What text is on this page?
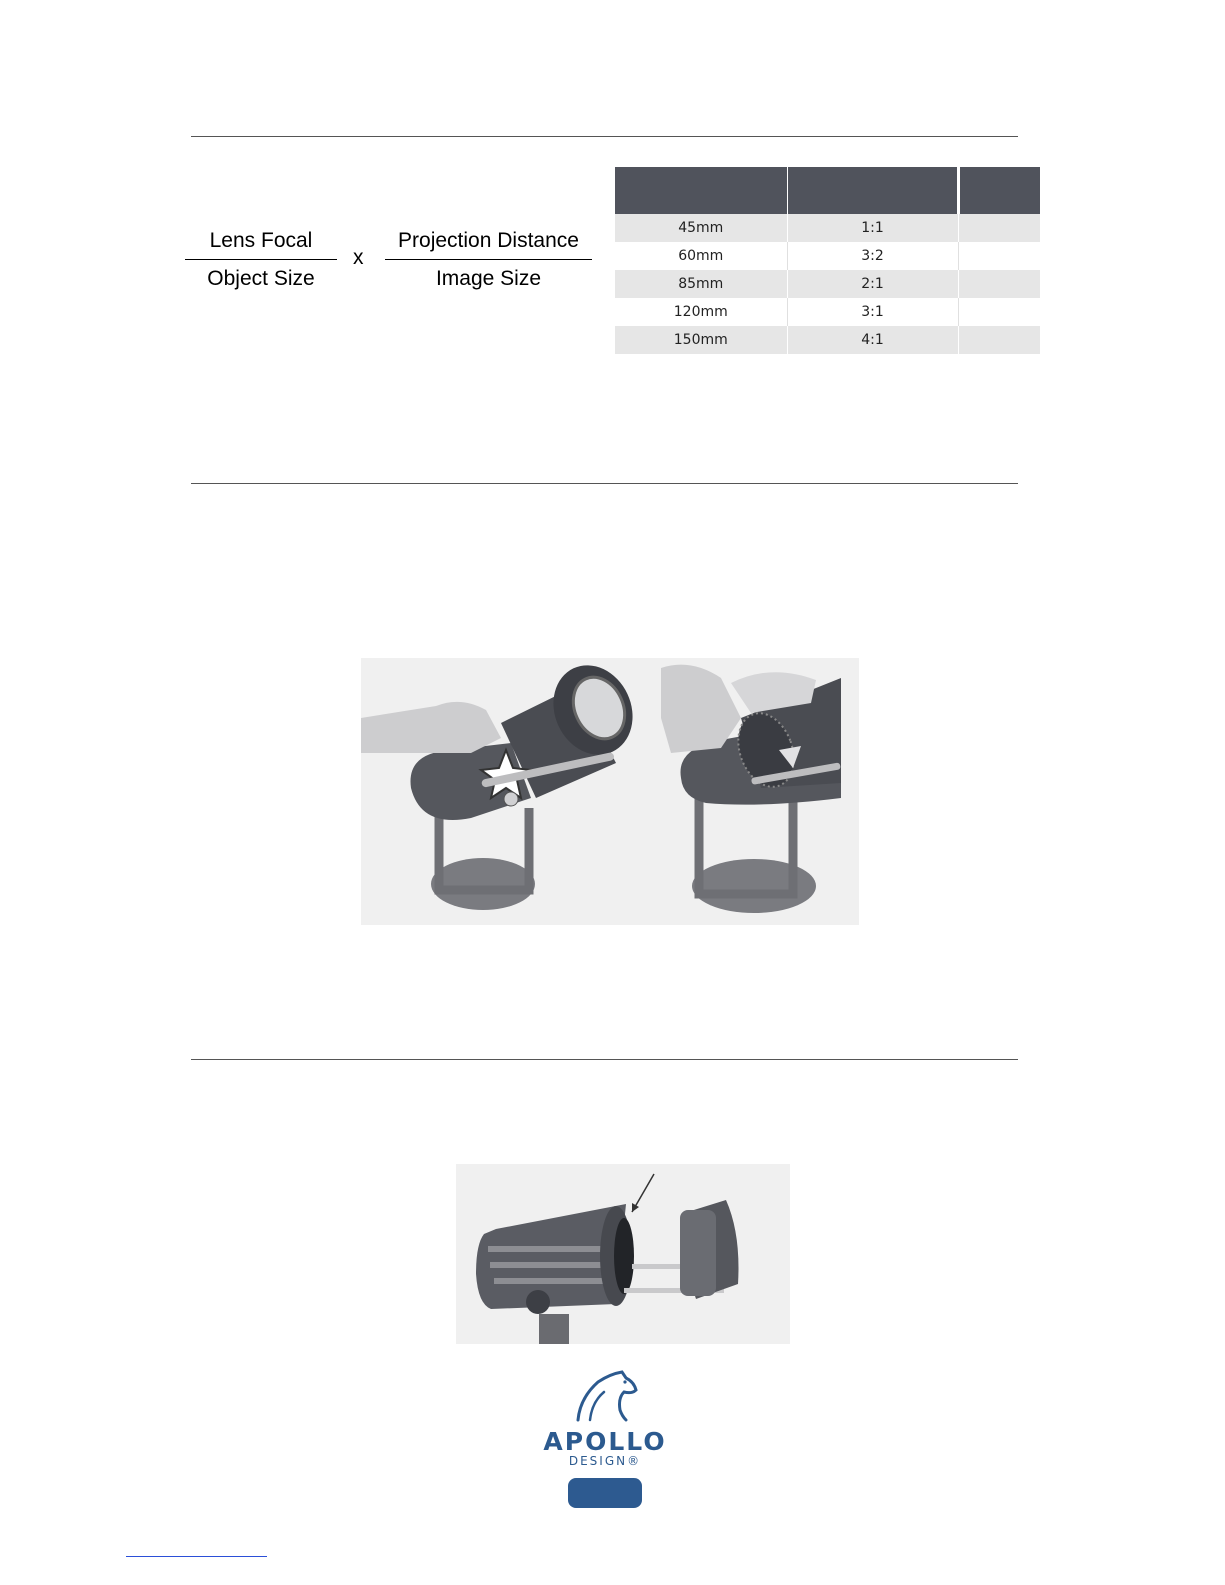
Lens Focal
Object Size
x
Projection Distance
Image Size

45mm	1:1	
60mm	3:2	
85mm	2:1	
120mm	3:1	
150mm	4:1	
APOLLO
DESIGN®
